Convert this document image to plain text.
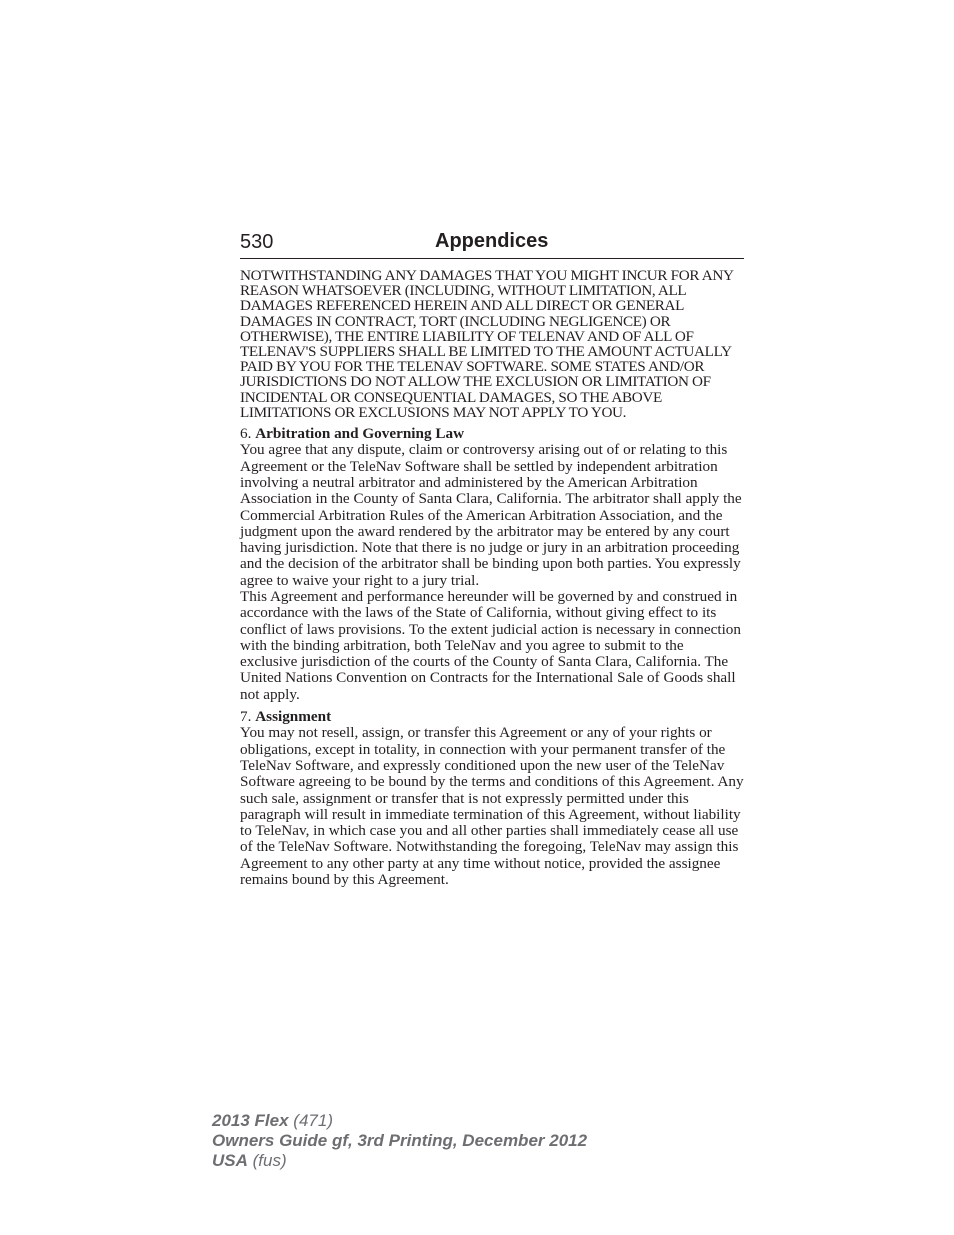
530	Appendices

NOTWITHSTANDING ANY DAMAGES THAT YOU MIGHT INCUR FOR ANY REASON WHATSOEVER (INCLUDING, WITHOUT LIMITATION, ALL DAMAGES REFERENCED HEREIN AND ALL DIRECT OR GENERAL DAMAGES IN CONTRACT, TORT (INCLUDING NEGLIGENCE) OR OTHERWISE), THE ENTIRE LIABILITY OF TELENAV AND OF ALL OF TELENAV'S SUPPLIERS SHALL BE LIMITED TO THE AMOUNT ACTUALLY PAID BY YOU FOR THE TELENAV SOFTWARE. SOME STATES AND/OR JURISDICTIONS DO NOT ALLOW THE EXCLUSION OR LIMITATION OF INCIDENTAL OR CONSEQUENTIAL DAMAGES, SO THE ABOVE LIMITATIONS OR EXCLUSIONS MAY NOT APPLY TO YOU.

6. Arbitration and Governing Law

You agree that any dispute, claim or controversy arising out of or relating to this Agreement or the TeleNav Software shall be settled by independent arbitration involving a neutral arbitrator and administered by the American Arbitration Association in the County of Santa Clara, California. The arbitrator shall apply the Commercial Arbitration Rules of the American Arbitration Association, and the judgment upon the award rendered by the arbitrator may be entered by any court having jurisdiction. Note that there is no judge or jury in an arbitration proceeding and the decision of the arbitrator shall be binding upon both parties. You expressly agree to waive your right to a jury trial.

This Agreement and performance hereunder will be governed by and construed in accordance with the laws of the State of California, without giving effect to its conflict of laws provisions. To the extent judicial action is necessary in connection with the binding arbitration, both TeleNav and you agree to submit to the exclusive jurisdiction of the courts of the County of Santa Clara, California. The United Nations Convention on Contracts for the International Sale of Goods shall not apply.

7. Assignment

You may not resell, assign, or transfer this Agreement or any of your rights or obligations, except in totality, in connection with your permanent transfer of the TeleNav Software, and expressly conditioned upon the new user of the TeleNav Software agreeing to be bound by the terms and conditions of this Agreement. Any such sale, assignment or transfer that is not expressly permitted under this paragraph will result in immediate termination of this Agreement, without liability to TeleNav, in which case you and all other parties shall immediately cease all use of the TeleNav Software. Notwithstanding the foregoing, TeleNav may assign this Agreement to any other party at any time without notice, provided the assignee remains bound by this Agreement.

2013 Flex (471)
Owners Guide gf, 3rd Printing, December 2012
USA (fus)
